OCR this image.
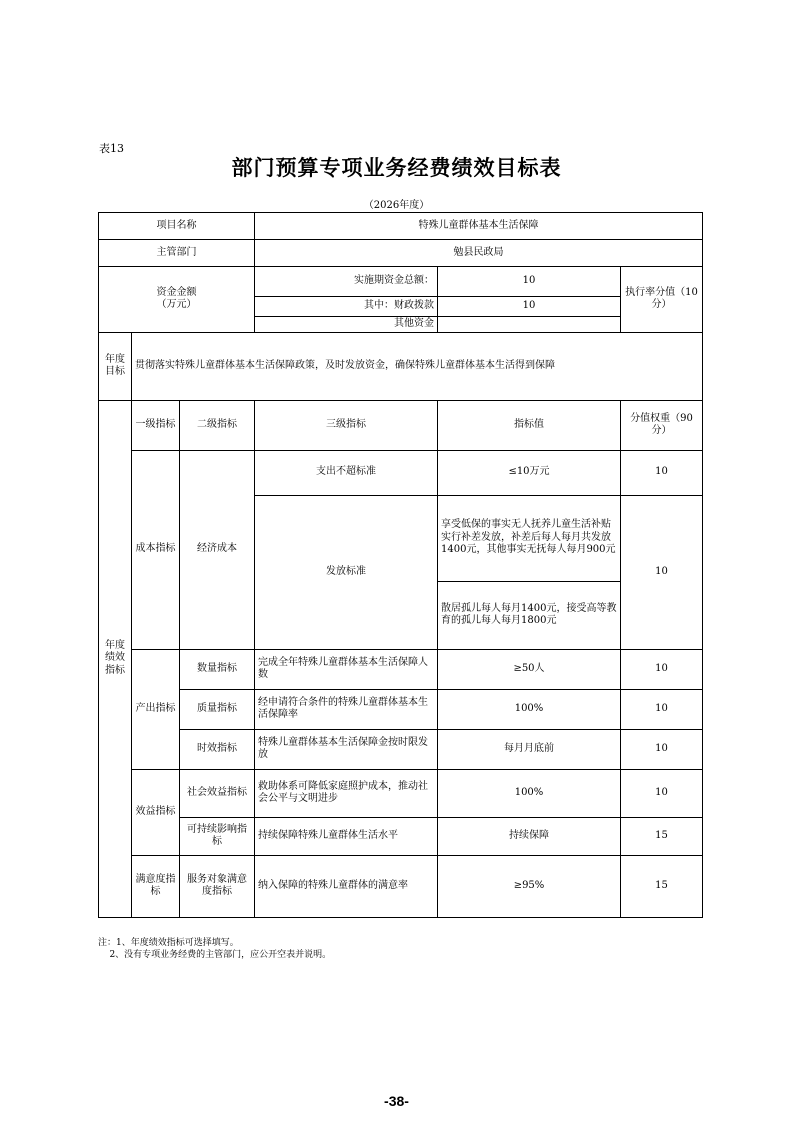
表13
部门预算专项业务经费绩效目标表
（2026年度）
项目名称			特殊儿童群体基本生活保障		
主管部门			勉县民政局		
资金金额
（万元）			实施期资金总额：	10	执行率分值（10分）
			其中：财政拨款	10	
			其他资金		
年度目标	贯彻落实特殊儿童群体基本生活保障政策，及时发放资金，确保特殊儿童群体基本生活得到保障				
年度绩效指标	一级指标	二级指标	三级指标	指标值	分值权重（90分）
	成本指标	经济成本	支出不超标准	≤10万元	10
			发放标准	享受低保的事实无人抚养儿童生活补贴实行补差发放，补差后每人每月共发放1400元，其他事实无抚每人每月900元	10
				散居孤儿每人每月1400元，接受高等教育的孤儿每人每月1800元	
	产出指标	数量指标	完成全年特殊儿童群体基本生活保障人数	≥50人	10
		质量指标	经申请符合条件的特殊儿童群体基本生活保障率	100%	10
		时效指标	特殊儿童群体基本生活保障金按时限发放	每月月底前	10
	效益指标	社会效益指标	救助体系可降低家庭照护成本，推动社会公平与文明进步	100%	10
		可持续影响指标	持续保障特殊儿童群体生活水平	持续保障	15
	满意度指标	服务对象满意度指标	纳入保障的特殊儿童群体的满意率	≥95%	15
注：1、年度绩效指标可选择填写。
2、没有专项业务经费的主管部门，应公开空表并说明。
-38-
